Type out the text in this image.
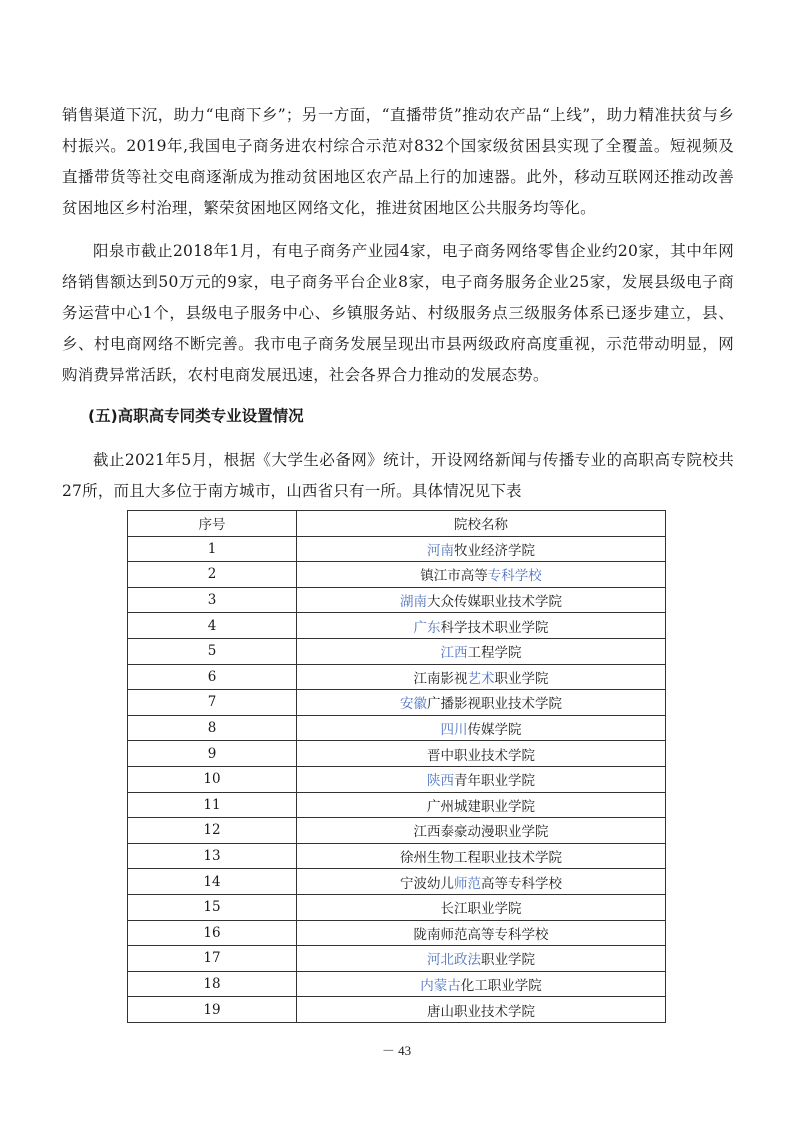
销售渠道下沉，助力“电商下乡”；另一方面，“直播带货”推动农产品“上线”，助力精准扶贫与乡村振兴。2019年,我国电子商务进农村综合示范对832个国家级贫困县实现了全覆盖。短视频及直播带货等社交电商逐渐成为推动贫困地区农产品上行的加速器。此外，移动互联网还推动改善贫困地区乡村治理，繁荣贫困地区网络文化，推进贫困地区公共服务均等化。

阳泉市截止2018年1月，有电子商务产业园4家，电子商务网络零售企业约20家，其中年网络销售额达到50万元的9家，电子商务平台企业8家，电子商务服务企业25家，发展县级电子商务运营中心1个，县级电子服务中心、乡镇服务站、村级服务点三级服务体系已逐步建立，县、乡、村电商网络不断完善。我市电子商务发展呈现出市县两级政府高度重视，示范带动明显，网购消费异常活跃，农村电商发展迅速，社会各界合力推动的发展态势。

(五)高职高专同类专业设置情况

截止2021年5月，根据《大学生必备网》统计，开设网络新闻与传播专业的高职高专院校共27所，而且大多位于南方城市，山西省只有一所。具体情况见下表

序号	院校名称
1	河南牧业经济学院
2	镇江市高等专科学校
3	湖南大众传媒职业技术学院
4	广东科学技术职业学院
5	江西工程学院
6	江南影视艺术职业学院
7	安徽广播影视职业技术学院
8	四川传媒学院
9	晋中职业技术学院
10	陕西青年职业学院
11	广州城建职业学院
12	江西泰豪动漫职业学院
13	徐州生物工程职业技术学院
14	宁波幼儿师范高等专科学校
15	长江职业学院
16	陇南师范高等专科学校
17	河北政法职业学院
18	内蒙古化工职业学院
19	唐山职业技术学院
－ 43
